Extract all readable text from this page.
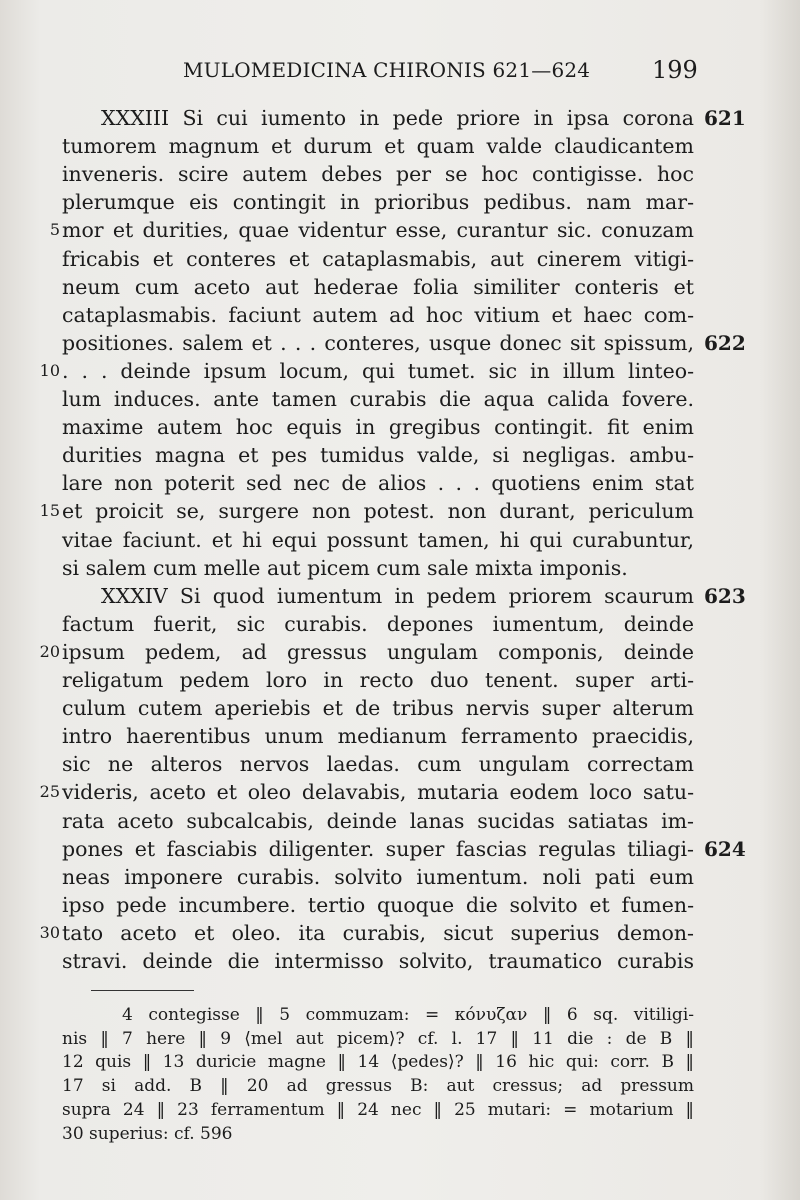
MULOMEDICINA CHIRONIS 621—624	199
XXXIII Si cui iumento in pede priore in ipsa corona 621
tumorem magnum et durum et quam valde claudicantem
inveneris. scire autem debes per se hoc contigisse. hoc
plerumque eis contingit in prioribus pedibus. nam mar-
mor et durities, quae videntur esse, curantur sic. conuzam
5
fricabis et conteres et cataplasmabis, aut cinerem vitigi-
neum cum aceto aut hederae folia similiter conteris et
cataplasmabis. faciunt autem ad hoc vitium et haec com-
positiones. salem et . . . conteres, usque donec sit spissum, 622
. . . deinde ipsum locum, qui tumet. sic in illum linteo-
10
lum induces. ante tamen curabis die aqua calida fovere.
maxime autem hoc equis in gregibus contingit. fit enim
durities magna et pes tumidus valde, si negligas. ambu-
lare non poterit sed nec de alios . . . quotiens enim stat
et proicit se, surgere non potest. non durant, periculum
15
vitae faciunt. et hi equi possunt tamen, hi qui curabuntur,
si salem cum melle aut picem cum sale mixta imponis.
XXXIV Si quod iumentum in pedem priorem scaurum 623
factum fuerit, sic curabis. depones iumentum, deinde
ipsum pedem, ad gressus ungulam componis, deinde
20
religatum pedem loro in recto duo tenent. super arti-
culum cutem aperiebis et de tribus nervis super alterum
intro haerentibus unum medianum ferramento praecidis,
sic ne alteros nervos laedas. cum ungulam correctam
videris, aceto et oleo delavabis, mutaria eodem loco satu-
25
rata aceto subcalcabis, deinde lanas sucidas satiatas im-
pones et fasciabis diligenter. super fascias regulas tiliagi- 624
neas imponere curabis. solvito iumentum. noli pati eum
ipso pede incumbere. tertio quoque die solvito et fumen-
tato aceto et oleo. ita curabis, sicut superius demon-
30
stravi. deinde die intermisso solvito, traumatico curabis
4 contegisse ‖ 5 commuzam: = κόνυζαν ‖ 6 sq. vitiligi-
nis ‖ 7 here ‖ 9 ⟨mel aut picem⟩? cf. l. 17 ‖ 11 die : de B ‖
12 quis ‖ 13 duricie magne ‖ 14 ⟨pedes⟩? ‖ 16 hic qui: corr. B ‖
17 si add. B ‖ 20 ad gressus B: aut cressus; ad pressum
supra 24 ‖ 23 ferramentum ‖ 24 nec ‖ 25 mutari: = motarium ‖
30 superius: cf. 596
